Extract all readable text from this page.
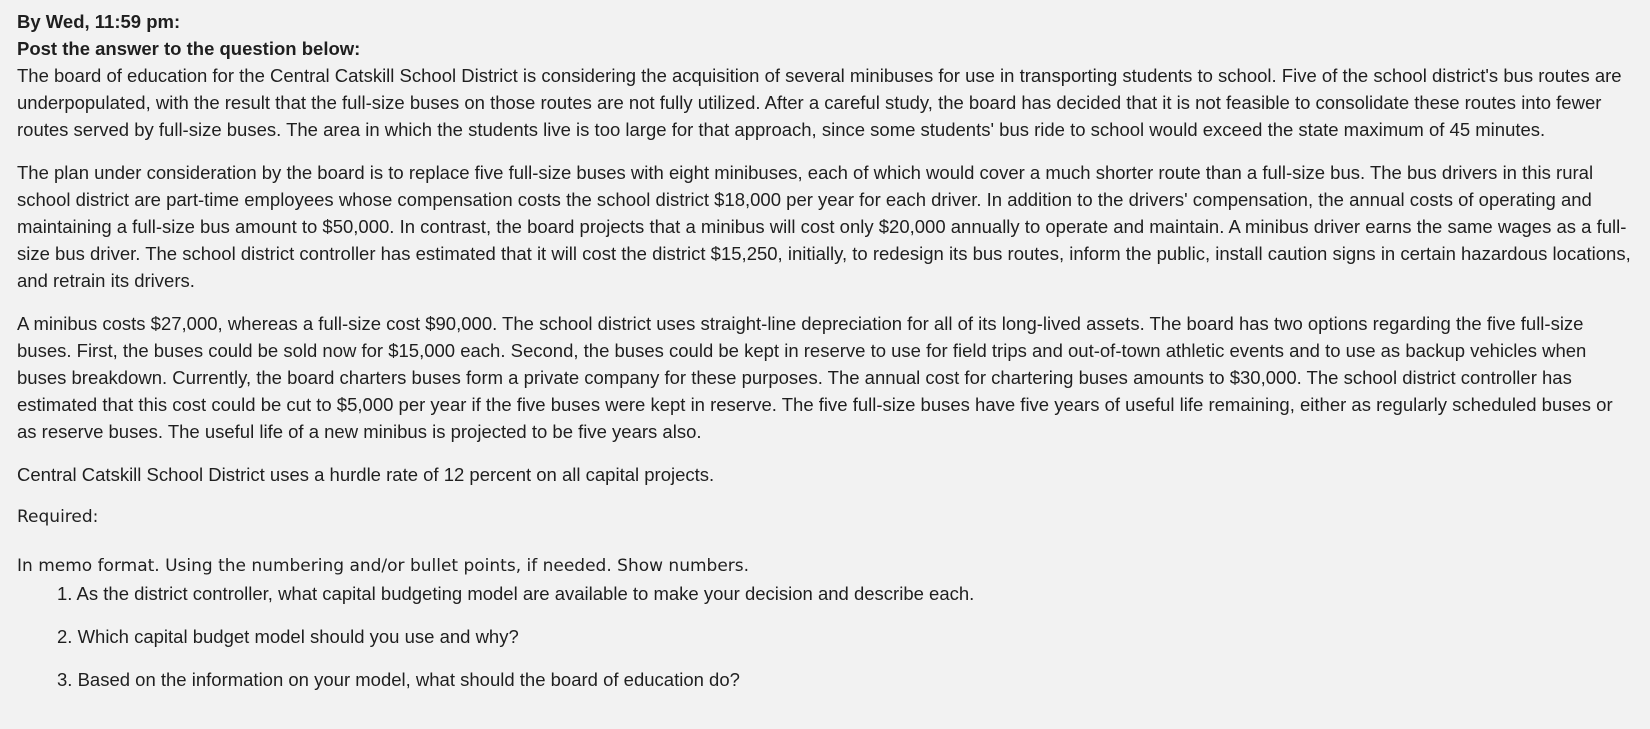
By Wed, 11:59 pm:

Post the answer to the question below:

The board of education for the Central Catskill School District is considering the acquisition of several minibuses for use in transporting students to school. Five of the school district's bus routes are underpopulated, with the result that the full-size buses on those routes are not fully utilized. After a careful study, the board has decided that it is not feasible to consolidate these routes into fewer routes served by full-size buses. The area in which the students live is too large for that approach, since some students' bus ride to school would exceed the state maximum of 45 minutes.

The plan under consideration by the board is to replace five full-size buses with eight minibuses, each of which would cover a much shorter route than a full-size bus. The bus drivers in this rural school district are part-time employees whose compensation costs the school district $18,000 per year for each driver. In addition to the drivers' compensation, the annual costs of operating and maintaining a full-size bus amount to $50,000. In contrast, the board projects that a minibus will cost only $20,000 annually to operate and maintain. A minibus driver earns the same wages as a full-size bus driver. The school district controller has estimated that it will cost the district $15,250, initially, to redesign its bus routes, inform the public, install caution signs in certain hazardous locations, and retrain its drivers.

A minibus costs $27,000, whereas a full-size cost $90,000. The school district uses straight-line depreciation for all of its long-lived assets. The board has two options regarding the five full-size buses. First, the buses could be sold now for $15,000 each. Second, the buses could be kept in reserve to use for field trips and out-of-town athletic events and to use as backup vehicles when buses breakdown. Currently, the board charters buses form a private company for these purposes. The annual cost for chartering buses amounts to $30,000. The school district controller has estimated that this cost could be cut to $5,000 per year if the five buses were kept in reserve. The five full-size buses have five years of useful life remaining, either as regularly scheduled buses or as reserve buses. The useful life of a new minibus is projected to be five years also.

Central Catskill School District uses a hurdle rate of 12 percent on all capital projects.

Required:

In memo format. Using the numbering and/or bullet points, if needed. Show numbers.

1. As the district controller, what capital budgeting model are available to make your decision and describe each.
2. Which capital budget model should you use and why?
3. Based on the information on your model, what should the board of education do?
